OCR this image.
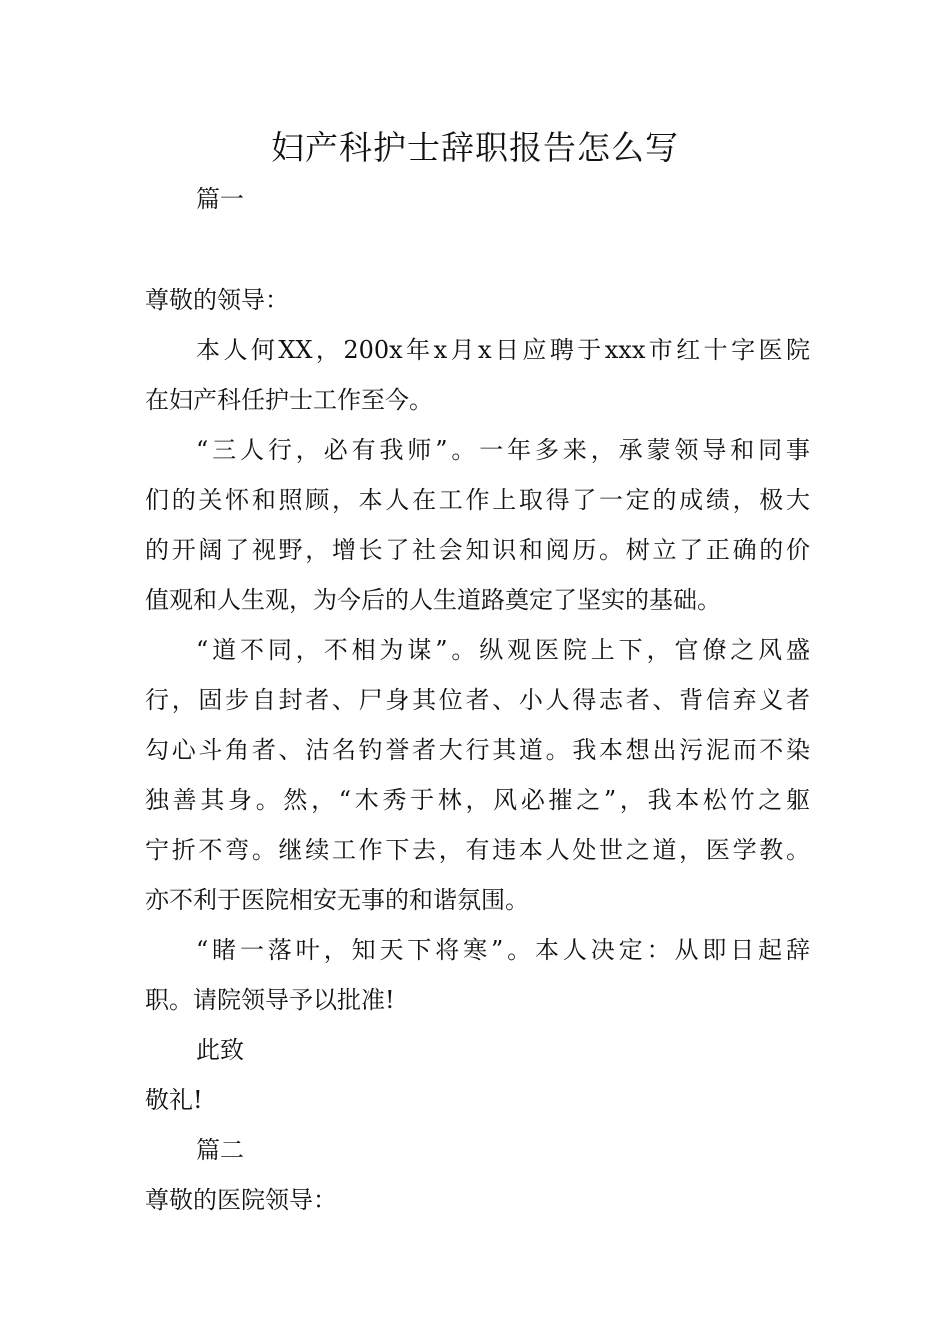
妇产科护士辞职报告怎么写
篇一
尊敬的领导：
本人何XX，200x年x月x日应聘于xxx市红十字医院
在妇产科任护士工作至今。
“三人行，必有我师”。一年多来，承蒙领导和同事
们的关怀和照顾，本人在工作上取得了一定的成绩，极大
的开阔了视野，增长了社会知识和阅历。树立了正确的价
值观和人生观，为今后的人生道路奠定了坚实的基础。
“道不同，不相为谋”。纵观医院上下，官僚之风盛
行，固步自封者、尸身其位者、小人得志者、背信弃义者
勾心斗角者、沽名钓誉者大行其道。我本想出污泥而不染
独善其身。然，“木秀于林，风必摧之”，我本松竹之躯
宁折不弯。继续工作下去，有违本人处世之道，医学教。
亦不利于医院相安无事的和谐氛围。
“睹一落叶，知天下将寒”。本人决定：从即日起辞
职。请院领导予以批准!
此致
敬礼!
篇二
尊敬的医院领导：
